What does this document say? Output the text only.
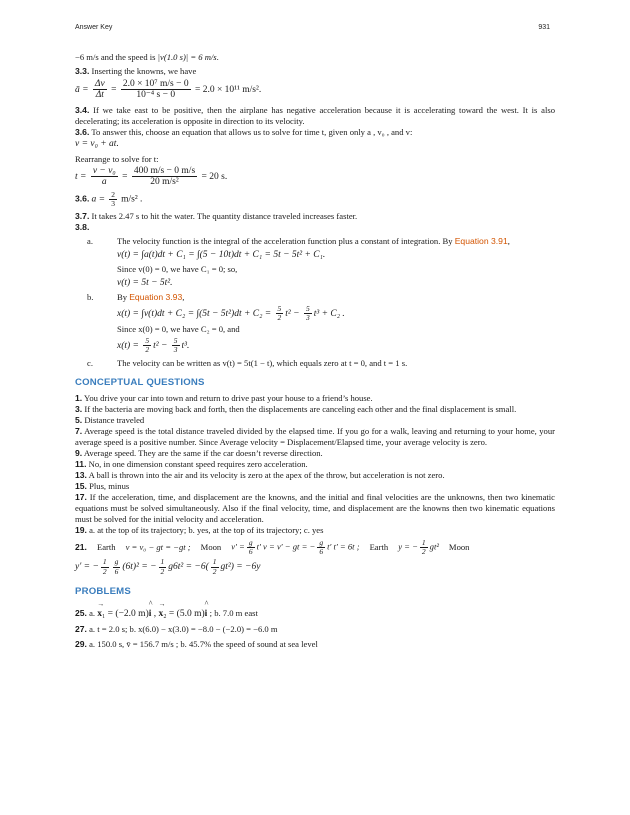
Answer Key	931

−6 m/s and the speed is |v(1.0 s)| = 6 m/s.

3.3. Inserting the knowns, we have

ā = $\frac{\Delta v}{\Delta t} = \frac{\text{2.0 × 10⁷ m/s − 0}}{\text{10⁻⁴ s − 0}} = 2.0 \times 10^{11}$ m/s².

3.4. If we take east to be positive, then the airplane has negative acceleration because it is accelerating toward the west. It is also decelerating; its acceleration is opposite in direction to its velocity.

3.6. To answer this, choose an equation that allows us to solve for time t, given only a , v₀ , and v:

v = v₀ + at.

Rearrange to solve for t:

$t = \frac{\text{v − v₀}}{a} = \frac{400 m/s - 0 m/s}{\text{20 m/s²}} = 20$ s.
3.6. $a = \frac{2}{3} m/s^2$ .

3.7. It takes 2.47 s to hit the water. The quantity distance traveled increases faster.

3.8.

a.	The velocity function is the integral of the acceleration function plus a constant of integration. By Equation 3.91,

v(t) = ∫a(t)dt + C₁ = ∫(5 − 10t)dt + C₁ = 5t − 5t² + C₁.

Since v(0) = 0, we have C₁ = 0; so,

v(t) = 5t − 5t².

b.	By Equation 3.93,

$x(t) = \int v(t)dt + C_2 = \int(5t - 5t^2)dt + C_2 = \frac{5}{2} t^2 - \frac{5}{3} t^3 + C_2$ .

Since x(0) = 0, we have C₂ = 0, and

$x(t) = \frac{5}{2} t^2 - \frac{5}{3} t^3$.
c.	The velocity can be written as v(t) = 5t(1 − t), which equals zero at t = 0, and t = 1 s.

CONCEPTUAL QUESTIONS

1. You drive your car into town and return to drive past your house to a friend’s house.

3. If the bacteria are moving back and forth, then the displacements are canceling each other and the final displacement is small.

5. Distance traveled

7. Average speed is the total distance traveled divided by the elapsed time. If you go for a walk, leaving and returning to your home, your average speed is a positive number. Since Average velocity = Displacement/Elapsed time, your average velocity is zero.

9. Average speed. They are the same if the car doesn’t reverse direction.

11. No, in one dimension constant speed requires zero acceleration.

13. A ball is thrown into the air and its velocity is zero at the apex of the throw, but acceleration is not zero.

15. Plus, minus

17. If the acceleration, time, and displacement are the knowns, and the initial and final velocities are the unknowns, then two kinematic equations must be solved simultaneously. Also if the final velocity, time, and displacement are the knowns then two kinematic equations must be solved for the initial velocity and acceleration.

19. a. at the top of its trajectory; b. yes, at the top of its trajectory; c. yes

21. Earth v = v₀ − gt = −gt ; Moon $v' = \frac{g}{6} t'$ v = v′ − gt = − $\frac{g}{6} t'$ t′ = 6t ; Earth y = − $\frac{1}{2} gt^2$ Moon
y′ = − $\frac{1}{2} \frac{g}{6} (6t)^2$ = − $\frac{1}{2} g6t^2 = -6( \frac{1}{2} gt^2) = -6y$
PROBLEMS

25. a. → x₁ = (−2.0 m)^ i , → x₂ = (5.0 m)^ i ; b. 7.0 m east

27. a. t = 2.0 s; b. x(6.0) − x(3.0) = −8.0 − (−2.0) = −6.0 m

29. a. 150.0 s, v̄ = 156.7 m/s ; b. 45.7% the speed of sound at sea level
